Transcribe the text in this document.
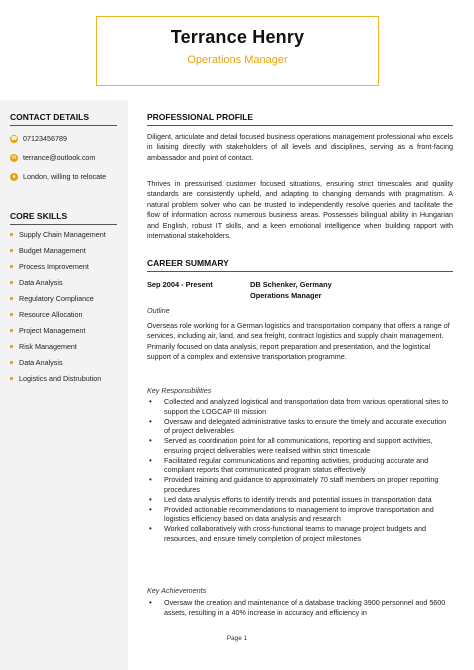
Terrance Henry
Operations Manager
CONTACT DETAILS
☎ 07123456789
✉ terrance@outlook.com
●	London, willing to relocate
CORE SKILLS
Supply Chain Management
Budget Management
Process Improvement
Data Analysis
Regulatory Compliance
Resource Allocation
Project Management
Risk Management
Data Analysis
Logistics and Distrubution
PROFESSIONAL PROFILE
Diligent, articulate and detail focused business operations management professional who excels in liaising directly with stakeholders of all levels and disciplines, serving as a front-facing ambassador and point of contact.
Thrives in pressurised customer focused situations, ensuring strict timescales and quality standards are consistently upheld, and adapting to changing demands with pragmatism. A natural problem solver who can be trusted to independently resolve queries and tacilitate the flow of information across numerous business areas. Possesses bilingual ability in Hungarian and English, robust IT skills, and a keen emotional intelligence when building rapport with international stakeholders.
CAREER SUMMARY
Sep 2004 - Present	DB Schenker, Germany
Operations Manager
Outline
Overseas role working for a German logistics and transportation company that offers a range of services, including air, land, and sea freight, contract logistics and supply chain management. Primarily focused on data analysis, report preparation and presentation, and the logistical support of a complex and extensive transportation programme.
Key Responsibilities
• Collected and analyzed logistical and transportation data from various operational sites to support the LOGCAP III mission
• Oversaw and delegated administrative tasks to ensure the timely and accurate execution of project deliverables
• Served as coordination point for all communications, reporting and support activities, ensuring project deliverables were realised within strict timescale
• Facilitated regular communications and reporting activities, producing accurate and compliant reports that communicated program status effectively
• Provided training and guidance to approximately 70 staff members on proper reporting procedures
• Led data analysis efforts to identify trends and potential issues in transportation data
• Provided actionable recommendations to management to improve transportation and logistics efficiency based on data analysis and research
• Worked collaboratively with cross-functional teams to manage project budgets and resources, and ensure timely completion of project milestones
Key Achievements
• Oversaw the creation and maintenance of a database tracking 3900 personnel and 5600 assets, resulting in a 40% increase in accuracy and efficiency in
Page 1
